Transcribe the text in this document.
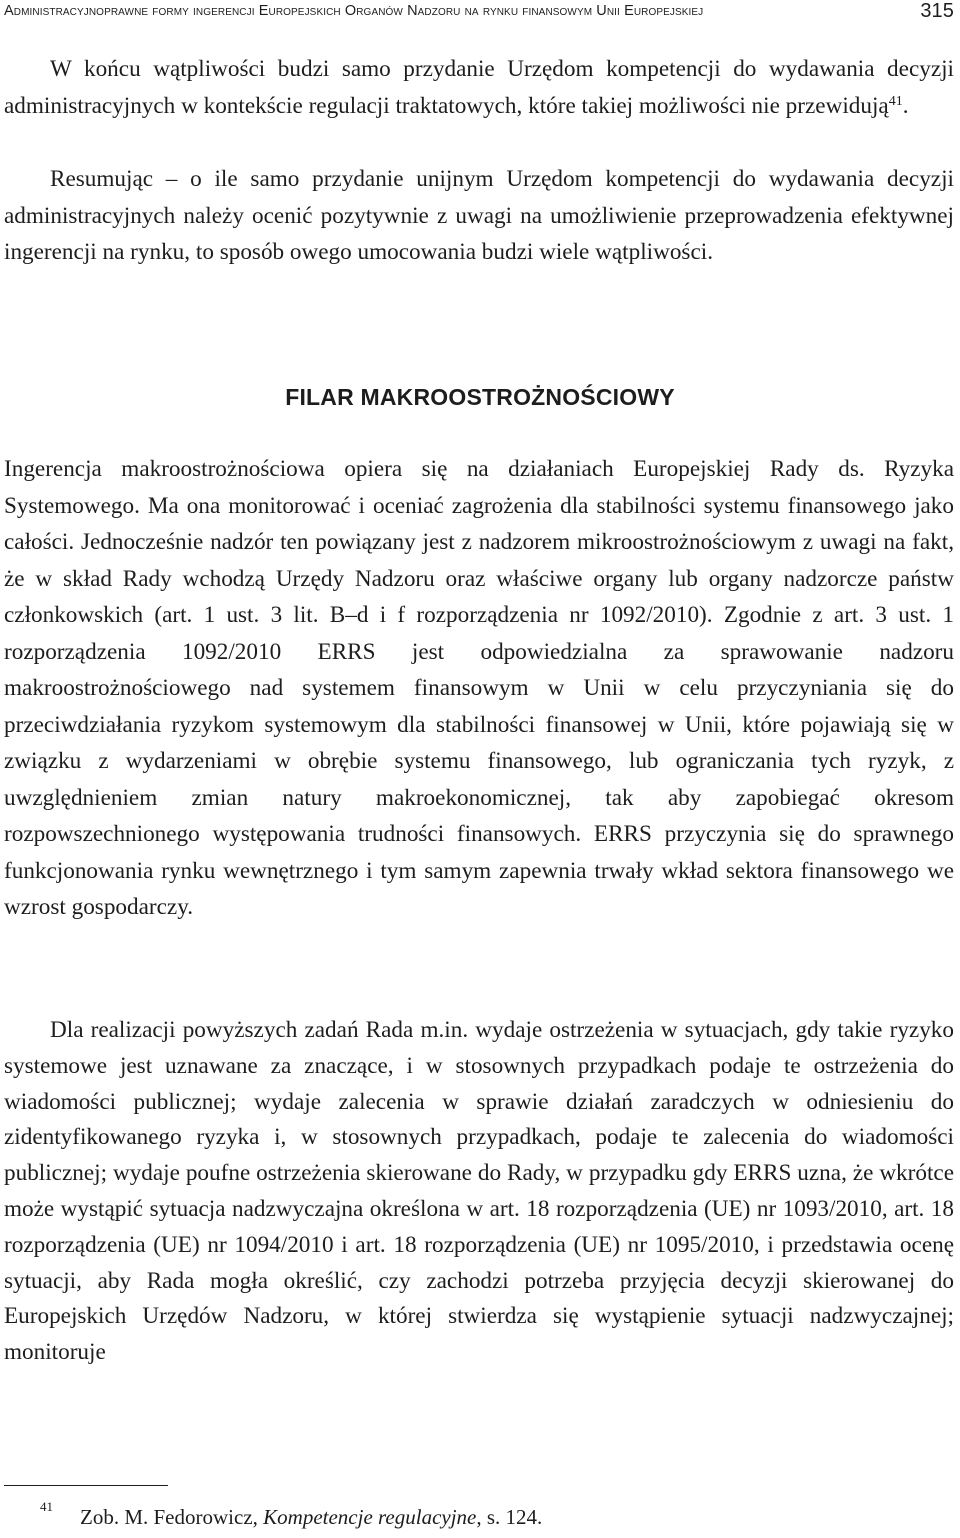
Administracyjnoprawne formy ingerencji Europejskich Organów Nadzoru na rynku finansowym Unii Europejskiej	315

W końcu wątpliwości budzi samo przydanie Urzędom kompetencji do wydawania decyzji administracyjnych w kontekście regulacji traktatowych, które takiej możliwości nie przewidują$^{41}$.

Resumując – o ile samo przydanie unijnym Urzędom kompetencji do wydawania decyzji administracyjnych należy ocenić pozytywnie z uwagi na umożliwienie przeprowadzenia efektywnej ingerencji na rynku, to sposób owego umocowania budzi wiele wątpliwości.

FILAR MAKROOSTROŻNOŚCIOWY

Ingerencja makroostrożnościowa opiera się na działaniach Europejskiej Rady ds. Ryzyka Systemowego. Ma ona monitorować i oceniać zagrożenia dla stabilności systemu finansowego jako całości. Jednocześnie nadzór ten powiązany jest z nadzorem mikroostrożnościowym z uwagi na fakt, że w skład Rady wchodzą Urzędy Nadzoru oraz właściwe organy lub organy nadzorcze państw członkowskich (art. 1 ust. 3 lit. B–d i f rozporządzenia nr 1092/2010). Zgodnie z art. 3 ust. 1 rozporządzenia 1092/2010 ERRS jest odpowiedzialna za sprawowanie nadzoru makroostrożnościowego nad systemem finansowym w Unii w celu przyczyniania się do przeciwdziałania ryzykom systemowym dla stabilności finansowej w Unii, które pojawiają się w związku z wydarzeniami w obrębie systemu finansowego, lub ograniczania tych ryzyk, z uwzględnieniem zmian natury makroekonomicznej, tak aby zapobiegać okresom rozpowszechnionego występowania trudności finansowych. ERRS przyczynia się do sprawnego funkcjonowania rynku wewnętrznego i tym samym zapewnia trwały wkład sektora finansowego we wzrost gospodarczy.

Dla realizacji powyższych zadań Rada m.in. wydaje ostrzeżenia w sytuacjach, gdy takie ryzyko systemowe jest uznawane za znaczące, i w stosownych przypadkach podaje te ostrzeżenia do wiadomości publicznej; wydaje zalecenia w sprawie działań zaradczych w odniesieniu do zidentyfikowanego ryzyka i, w stosownych przypadkach, podaje te zalecenia do wiadomości publicznej; wydaje poufne ostrzeżenia skierowane do Rady, w przypadku gdy ERRS uzna, że wkrótce może wystąpić sytuacja nadzwyczajna określona w art. 18 rozporządzenia (UE) nr 1093/2010, art. 18 rozporządzenia (UE) nr 1094/2010 i art. 18 rozporządzenia (UE) nr 1095/2010, i przedstawia ocenę sytuacji, aby Rada mogła określić, czy zachodzi potrzeba przyjęcia decyzji skierowanej do Europejskich Urzędów Nadzoru, w której stwierdza się wystąpienie sytuacji nadzwyczajnej; monitoruje

41 Zob. M. Fedorowicz, Kompetencje regulacyjne, s. 124.
